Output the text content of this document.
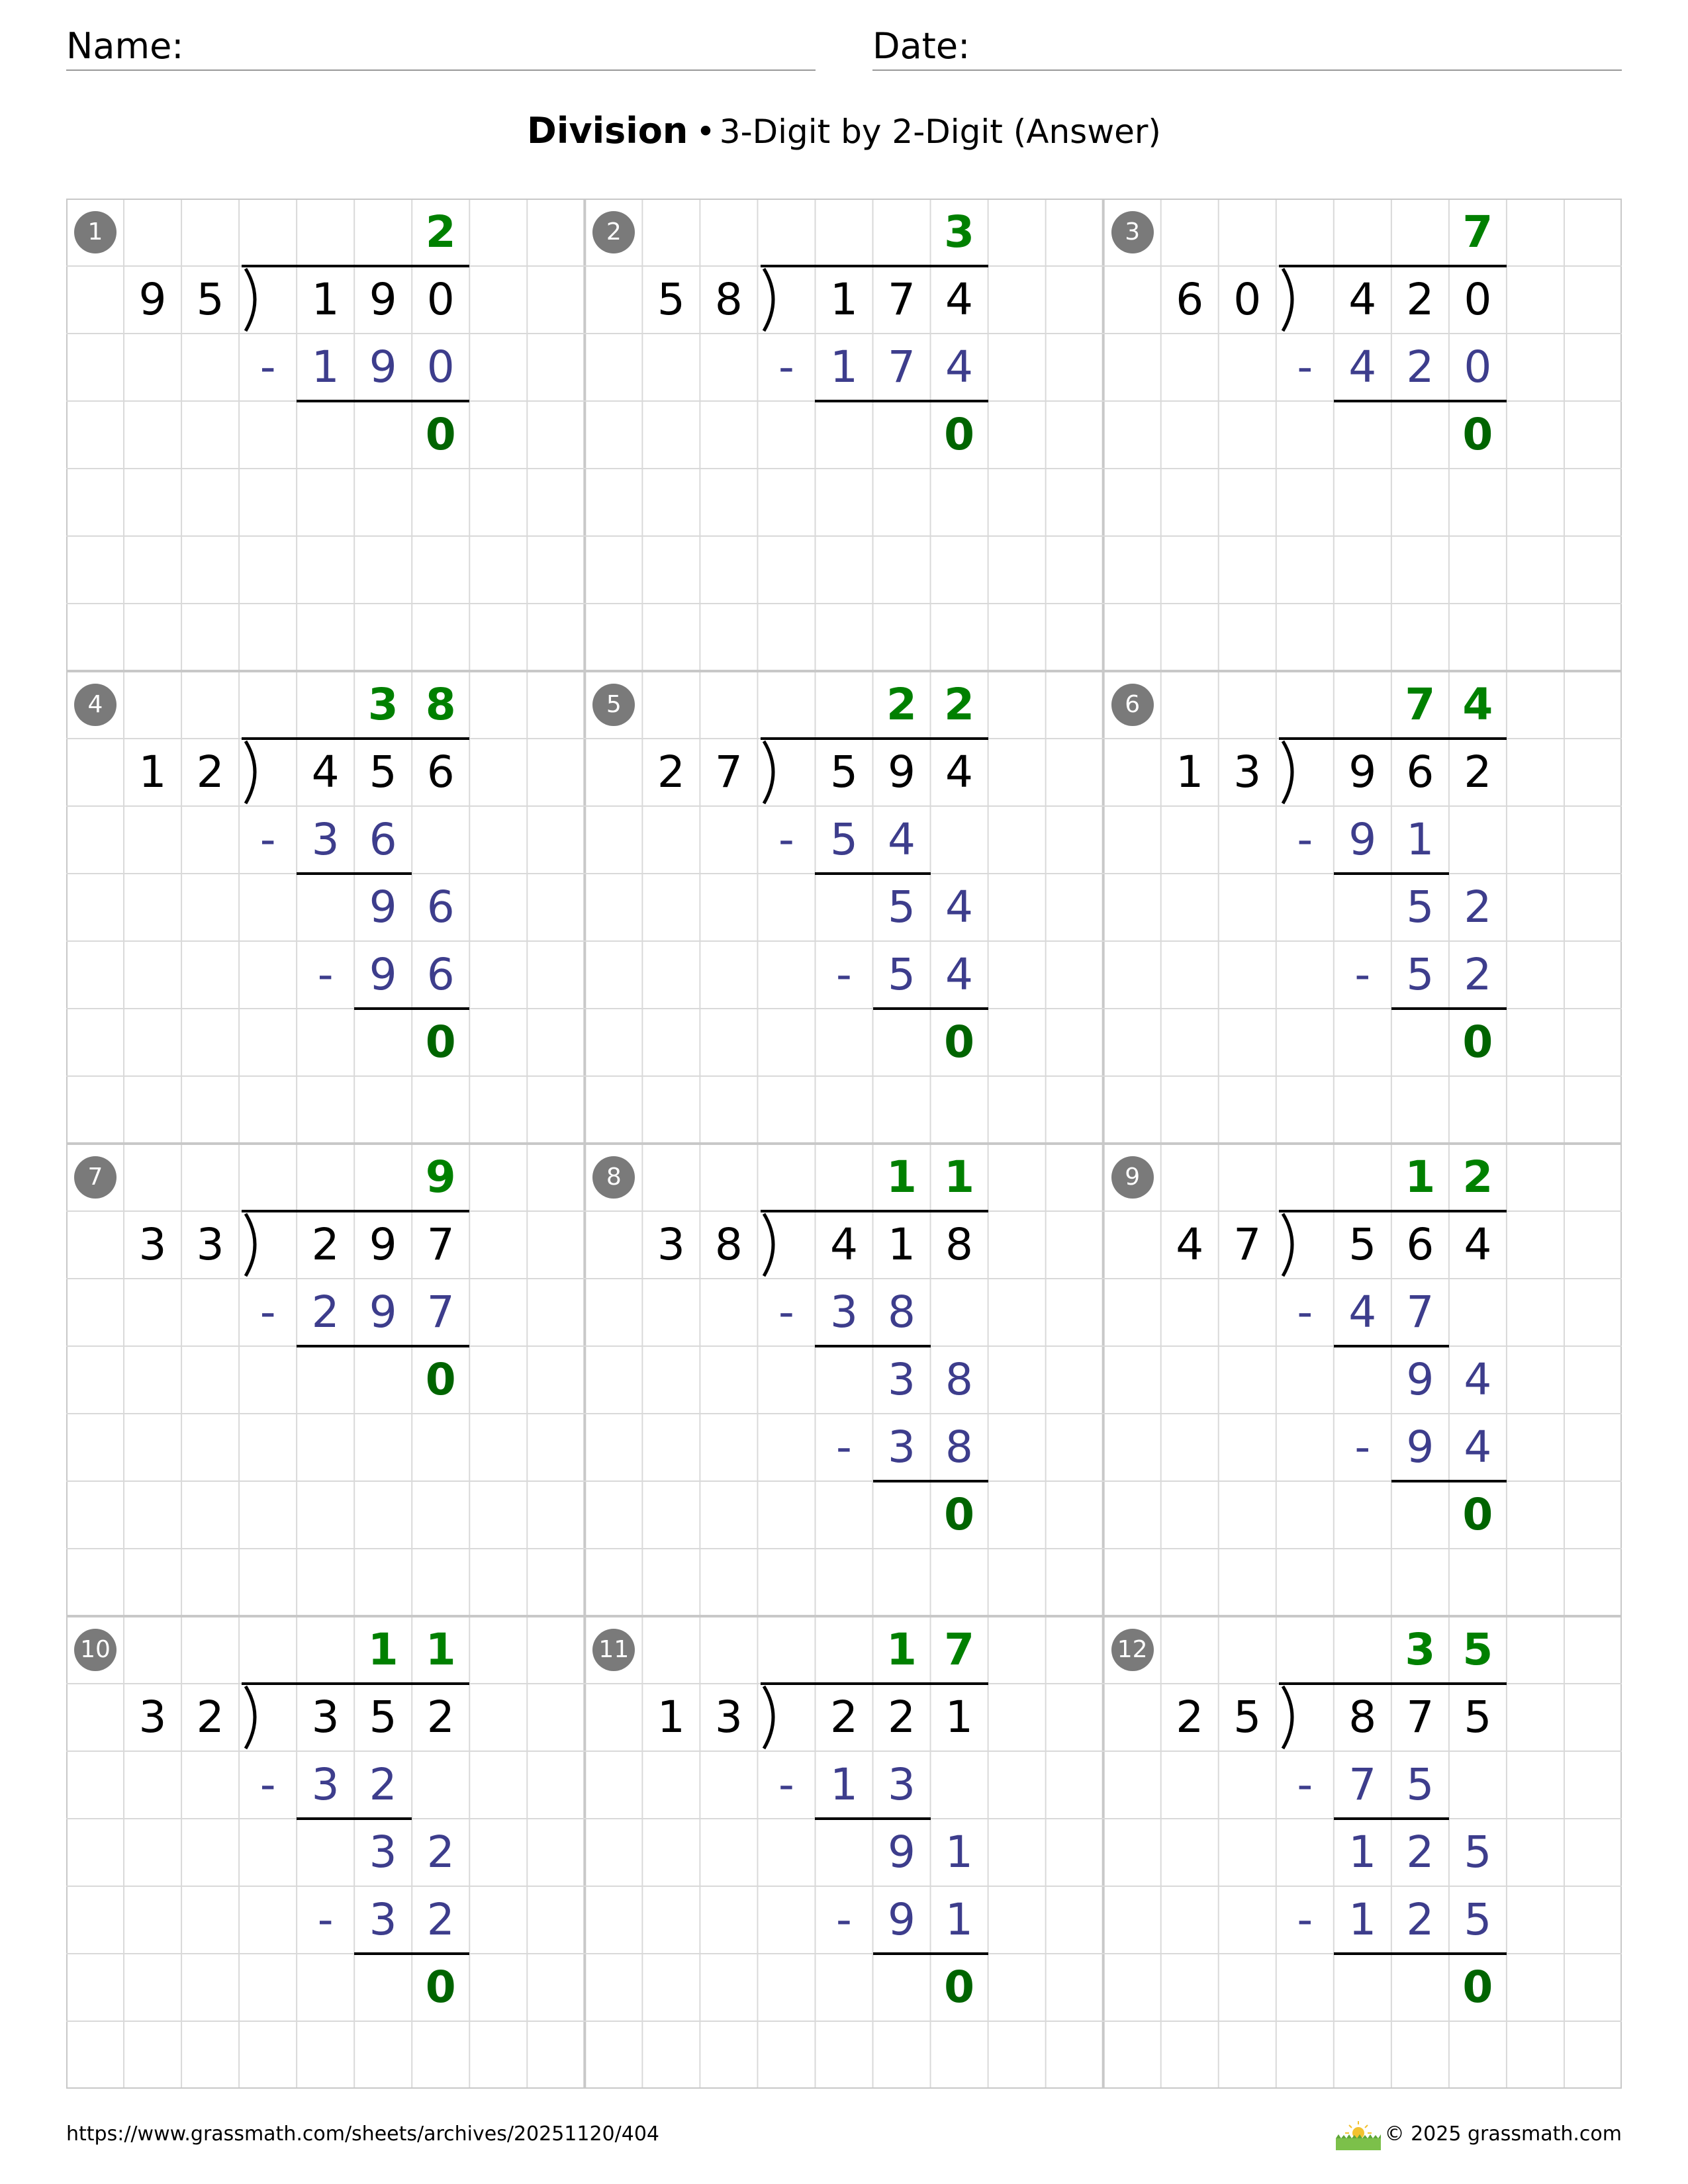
Name:	Date:
Division • 3-Digit by 2-Digit (Answer)
1	2
9 5	1 9 0
1 9 0
-
0
2	3
5 8	1 7 4
1 7 4
-
0
3	7
6 0	4 2 0
4 2 0
-
0
4	3 8
1 2	4 5 6
3 6
-
9 6
9 6
-
0
5	2 2
2 7	5 9 4
5 4
-
5 4
5 4
-
0
6	7 4
1 3	9 6 2
9 1
-
5 2
5 2
-
0
7	9
3 3	2 9 7
2 9 7
-
0
8	1 1
3 8	4 1 8
3 8
-
3 8
3 8
-
0
9	1 2
4 7	5 6 4
4 7
-
9 4
9 4
-
0
10	1 1
3 2	3 5 2
3 2
-
3 2
3 2
-
0
11	1 7
1 3	2 2 1
1 3
-
9 1
9 1
-
0
12	3 5
2 5	8 7 5
7 5
-
1 2 5
1 2 5
-
0
https://www.grassmath.com/sheets/archives/20251120/404	© 2025 grassmath.com
